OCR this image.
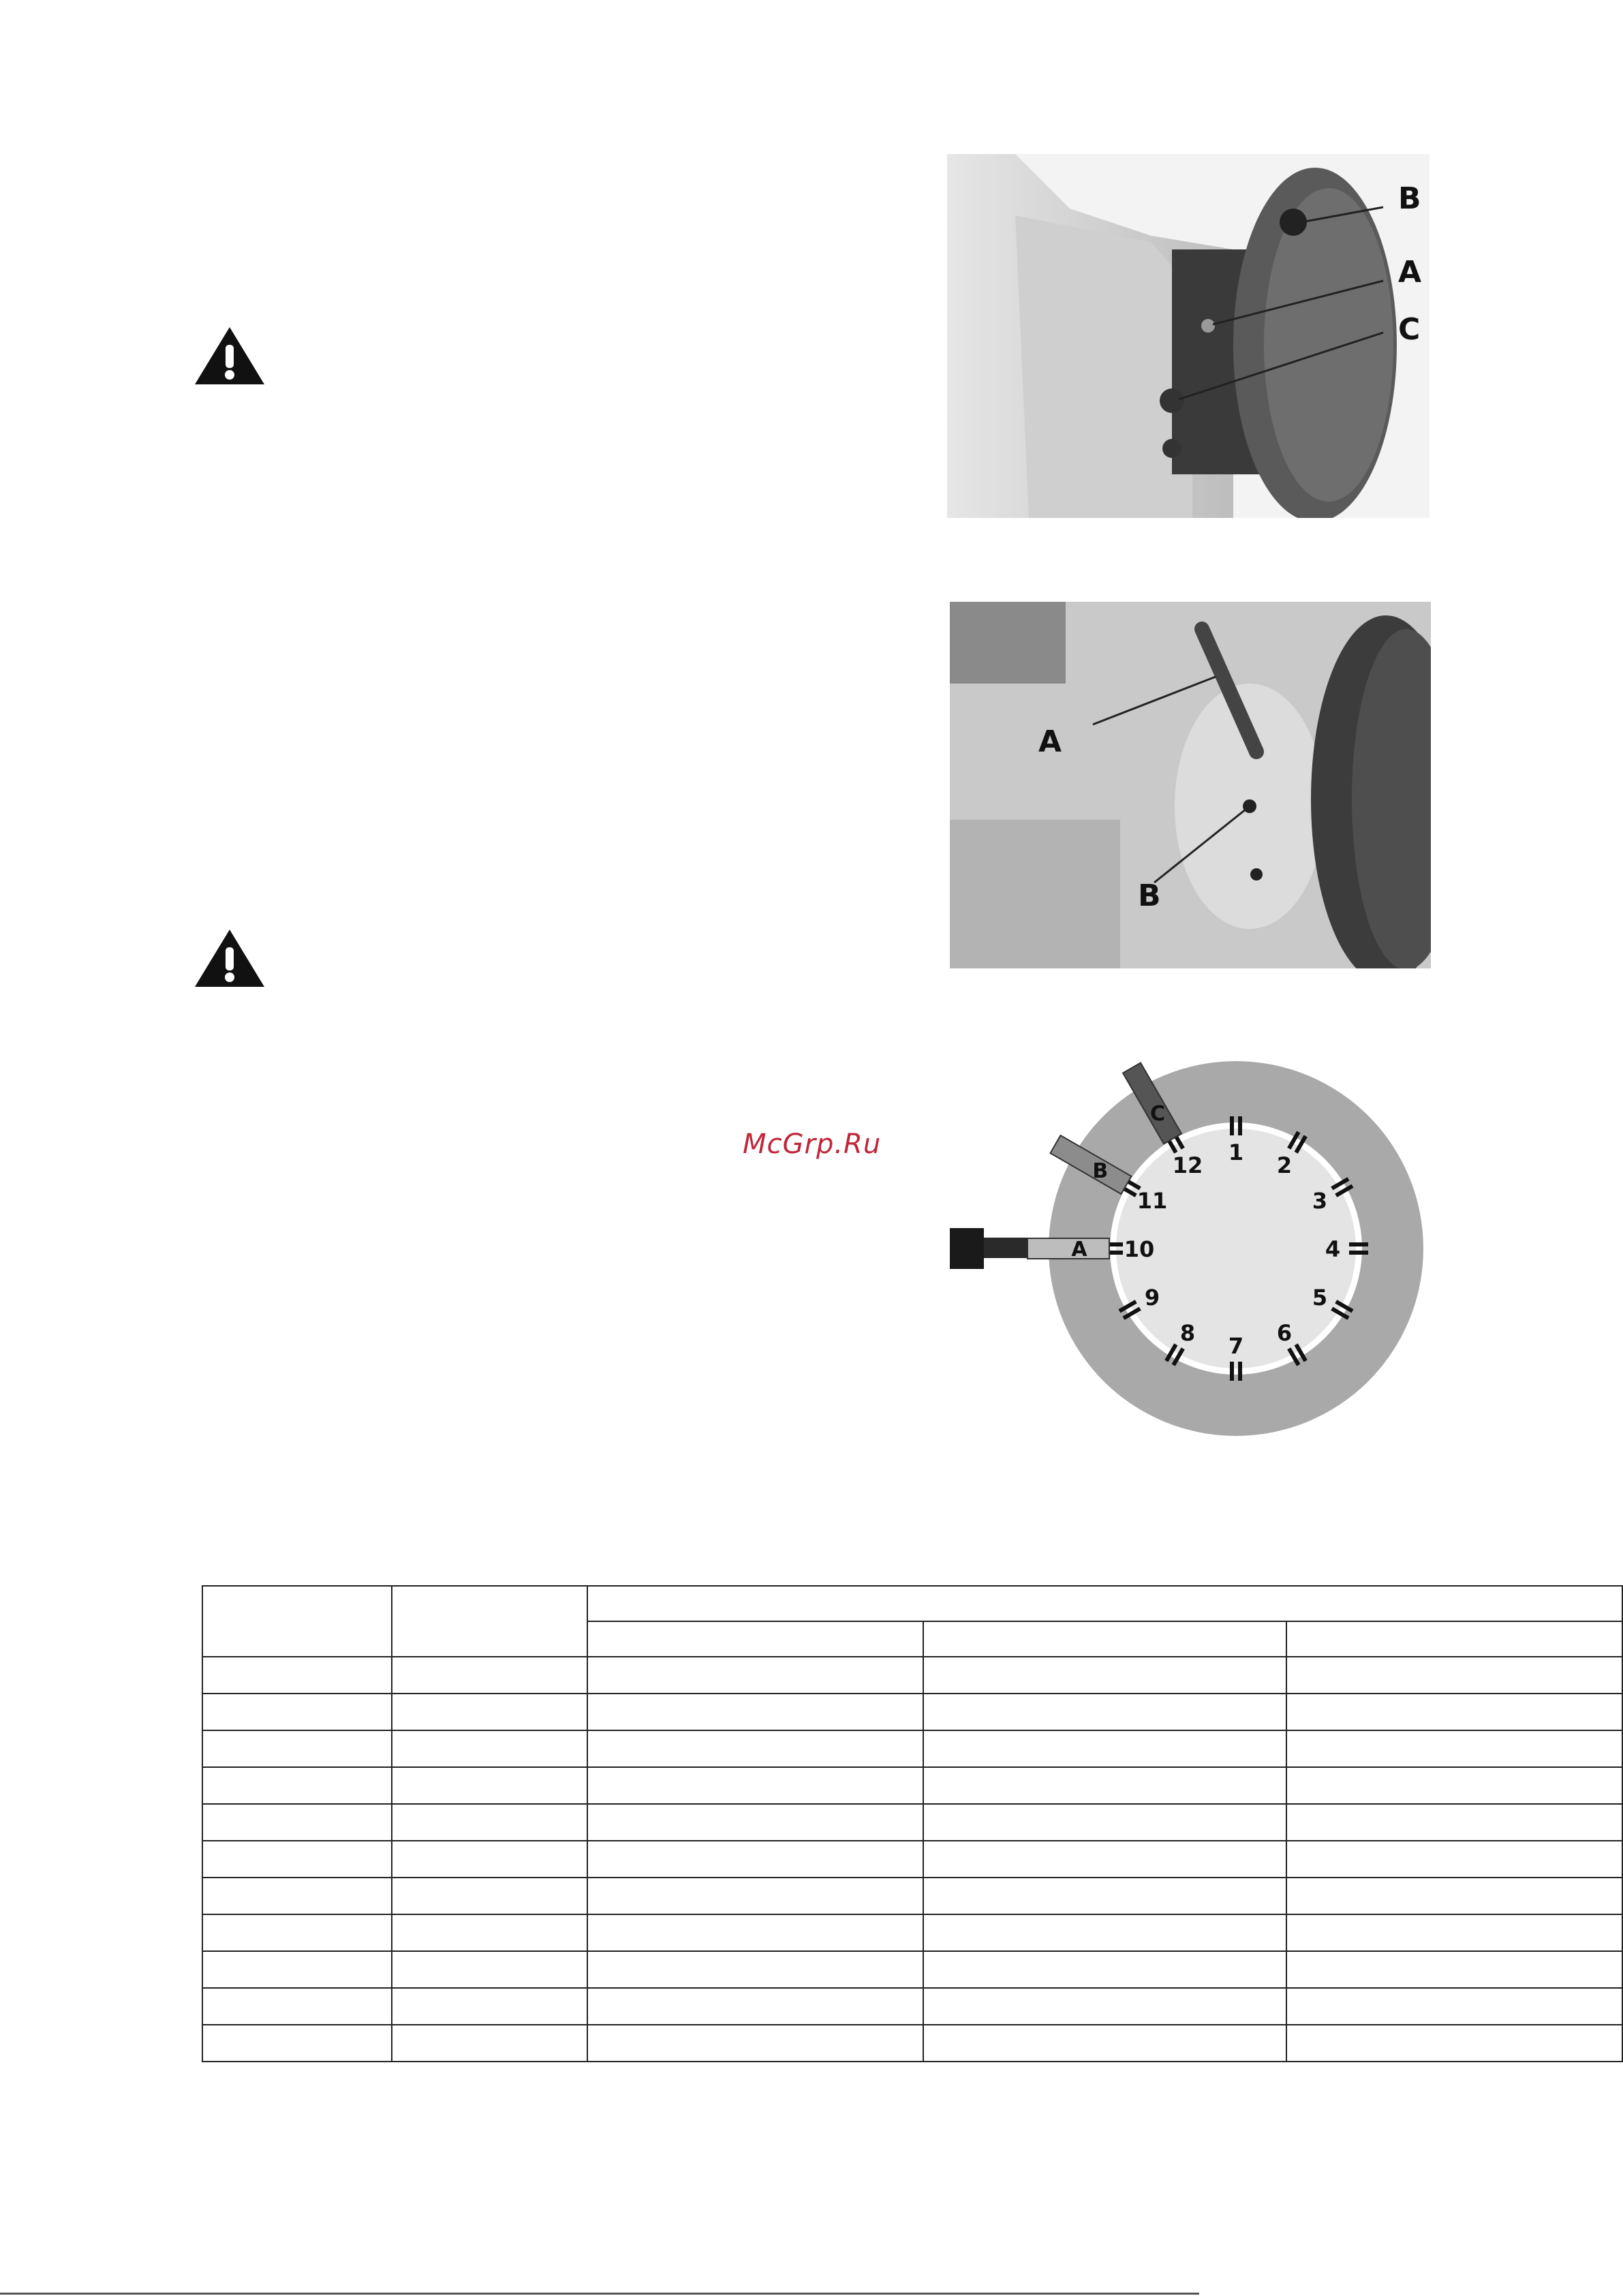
B
A
C
A
B
McGrp.Ru
A
B
C
1
2
3
4
5
6
7
8
9
10
11
12
